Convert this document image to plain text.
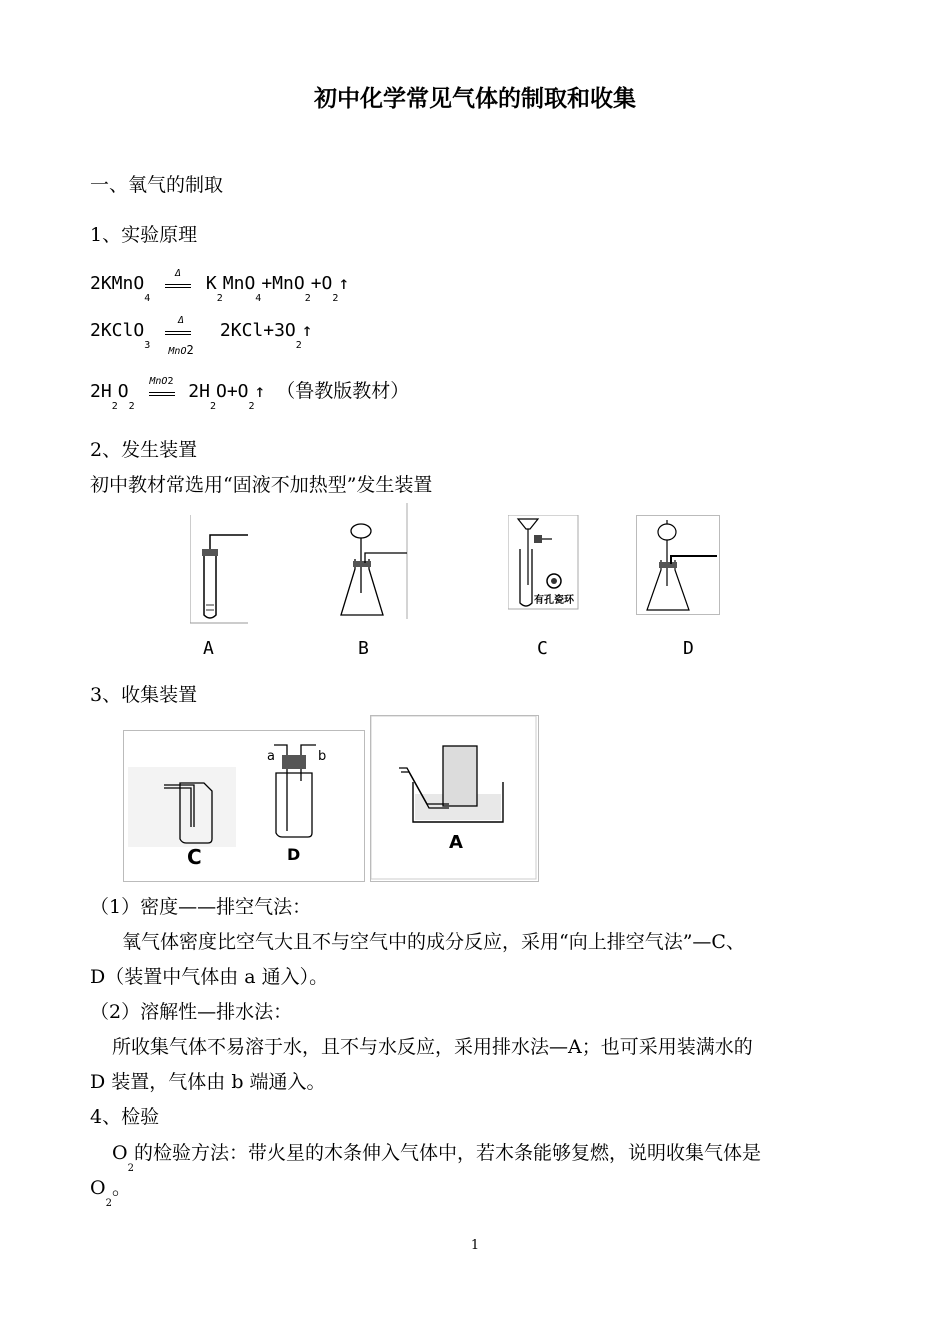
初中化学常见气体的制取和收集
一、氧气的制取
1、实验原理
2KMnO$_4$
Δ	$K_2MnO_4+MnO_2+O_2↑$
2KClO$_3$
Δ
MnO2
$2KCl+3O_2↑$
$2H_2O_2$
MnO2 $2H_2O+O_2↑$ （鲁教版教材）
2、发生装置
初中教材常选用“固液不加热型”发生装置
有孔瓷环
A	B	C	D
3、收集装置
C	D
a	b
A
（1）密度——排空气法：
氧气体密度比空气大且不与空气中的成分反应，采用“向上排空气法”—C、
D（装置中气体由 a 通入）。
（2）溶解性—排水法：
所收集气体不易溶于水，且不与水反应，采用排水法—A；也可采用装满水的
D 装置，气体由 b 端通入。
4、检验
$O_2$的检验方法：带火星的木条伸入气体中，若木条能够复燃，说明收集气体是
$O_2$。
1
